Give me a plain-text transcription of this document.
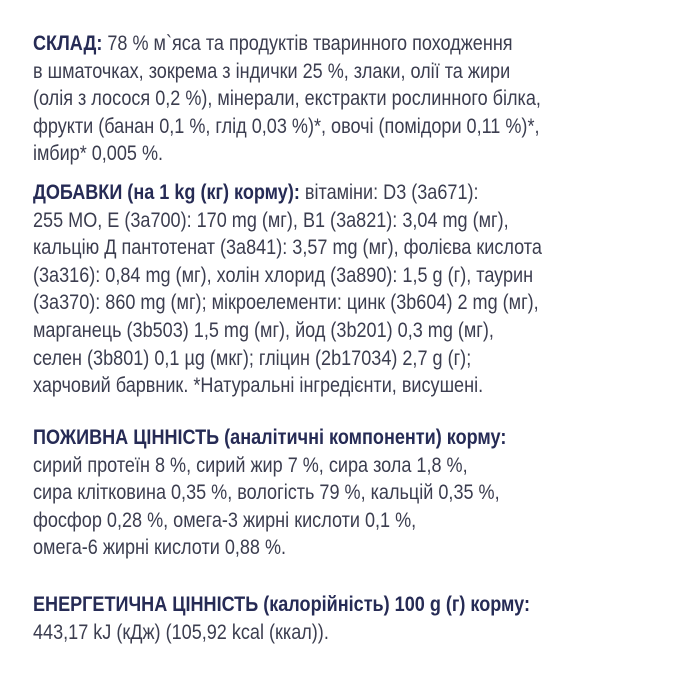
СКЛАД: 78 % м`яса та продуктів тваринного походження
в шматочках, зокрема з індички 25 %, злаки, олії та жири
(олія з лосося 0,2 %), мінерали, екстракти рослинного білка,
фрукти (банан 0,1 %, глід 0,03 %)*, овочі (помідори 0,11 %)*,
імбир* 0,005 %.
ДОБАВКИ (на 1 kg (кг) корму): вітаміни: D3 (3а671):
255 МО, Е (3а700): 170 mg (мг), B1 (3а821): 3,04 mg (мг),
кальцію Д пантотенат (3а841): 3,57 mg (мг), фолієва кислота
(3а316): 0,84 mg (мг), холін хлорид (3а890): 1,5 g (г), таурин
(3а370): 860 mg (мг); мікроелементи: цинк (3b604) 2 mg (мг),
марганець (3b503) 1,5 mg (мг), йод (3b201) 0,3 mg (мг),
селен (3b801) 0,1 µg (мкг); гліцин (2b17034) 2,7 g (г);
харчовий барвник. *Натуральні інгредієнти, висушені.
ПОЖИВНА ЦІННІСТЬ (аналітичні компоненти) корму:
сирий протеїн 8 %, сирий жир 7 %, сира зола 1,8 %,
сира клітковина 0,35 %, вологість 79 %, кальцій 0,35 %,
фосфор 0,28 %, омега-3 жирні кислоти 0,1 %,
омега-6 жирні кислоти 0,88 %.
ЕНЕРГЕТИЧНА ЦІННІСТЬ (калорійність) 100 g (г) корму:
443,17 kJ (кДж) (105,92 kcal (ккал)).
